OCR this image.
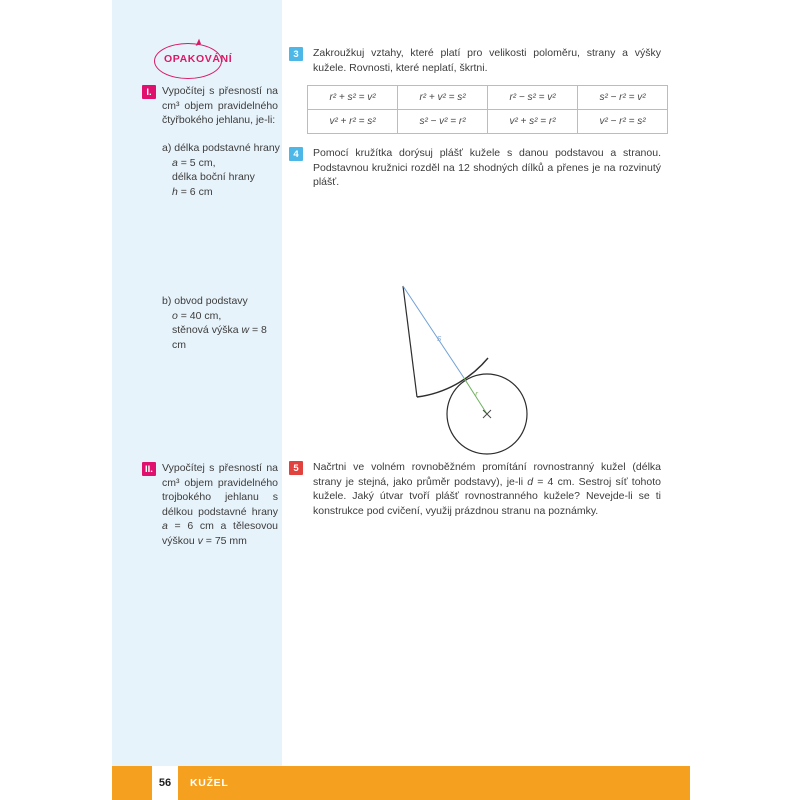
OPAKOVÁNÍ
I. Vypočítej s přesností na cm³ objem pravidelného čtyřbokého jehlanu, je-li:
a) délka podstavné hrany
a = 5 cm,
délka boční hrany
h = 6 cm
b) obvod podstavy
o = 40 cm,
stěnová výška w = 8 cm
II. Vypočítej s přesností na cm³ objem pravidelného trojbokého jehlanu s délkou podstavné hrany a = 6 cm a tělesovou výškou v = 75 mm
3	Zakroužkuj vztahy, které platí pro velikosti poloměru, strany a výšky kužele. Rovnosti, které neplatí, škrtni.
r² + s² = v²	r² + v² = s²	r² − s² = v²	s² − r² = v²
v² + r² = s²	s² − v² = r²	v² + s² = r²	v² − r² = s²
4	Pomocí kružítka dorýsuj plášť kužele s danou podstavou a stranou. Podstavnou kružnici rozděl na 12 shodných dílků a přenes je na rozvinutý plášť.
s
r
5	Načrtni ve volném rovnoběžném promítání rovnostranný kužel (délka strany je stejná, jako průměr podstavy), je-li d = 4 cm. Sestroj síť tohoto kužele. Jaký útvar tvoří plášť rovnostranného kužele? Nevejde-li se ti konstrukce pod cvičení, využij prázdnou stranu na poznámky.
56	KUŽEL
